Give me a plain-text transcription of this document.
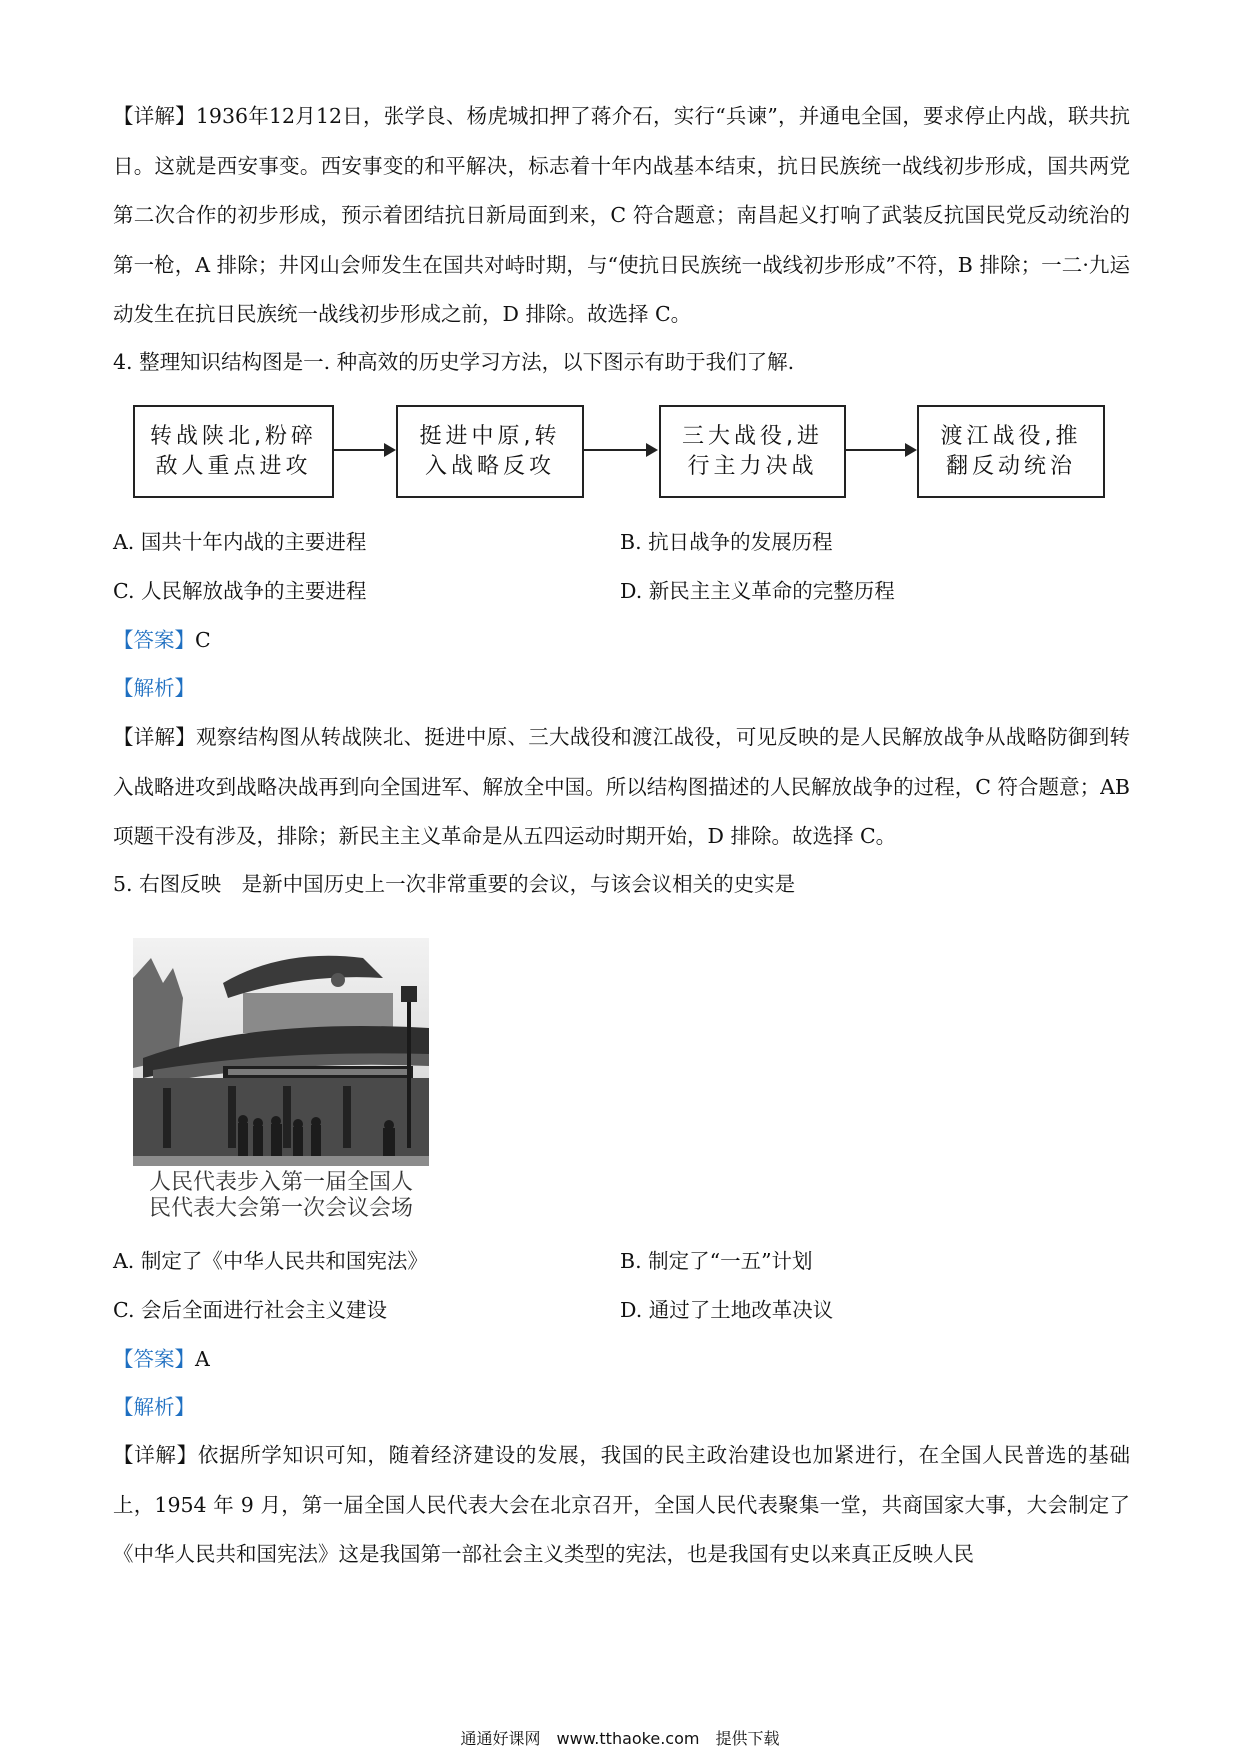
【详解】1936年12月12日，张学良、杨虎城扣押了蒋介石，实行“兵谏”，并通电全国，要求停止内战，联共抗日。这就是西安事变。西安事变的和平解决，标志着十年内战基本结束，抗日民族统一战线初步形成，国共两党第二次合作的初步形成，预示着团结抗日新局面到来，C 符合题意；南昌起义打响了武装反抗国民党反动统治的第一枪，A 排除；井冈山会师发生在国共对峙时期，与“使抗日民族统一战线初步形成”不符，B 排除；一二·九运动发生在抗日民族统一战线初步形成之前，D 排除。故选择 C。
4. 整理知识结构图是一. 种高效的历史学习方法，以下图示有助于我们了解.
转战陕北,粉碎
敌人重点进攻
挺进中原,转
入战略反攻
三大战役,进
行主力决战
渡江战役,推
翻反动统治
A. 国共十年内战的主要进程	B. 抗日战争的发展历程
C. 人民解放战争的主要进程	D. 新民主主义革命的完整历程
【答案】C
【解析】
【详解】观察结构图从转战陕北、挺进中原、三大战役和渡江战役，可见反映的是人民解放战争从战略防御到转入战略进攻到战略决战再到向全国进军、解放全中国。所以结构图描述的人民解放战争的过程，C 符合题意；AB 项题干没有涉及，排除；新民主主义革命是从五四运动时期开始，D 排除。故选择 C。
5. 右图反映　是新中国历史上一次非常重要的会议，与该会议相关的史实是
人民代表步入第一届全国人
民代表大会第一次会议会场
A. 制定了《中华人民共和国宪法》	B. 制定了“一五”计划
C. 会后全面进行社会主义建设	D. 通过了土地改革决议
【答案】A
【解析】
【详解】依据所学知识可知，随着经济建设的发展，我国的民主政治建设也加紧进行，在全国人民普选的基础上，1954 年 9 月，第一届全国人民代表大会在北京召开，全国人民代表聚集一堂，共商国家大事，大会制定了《中华人民共和国宪法》这是我国第一部社会主义类型的宪法，也是我国有史以来真正反映人民
通通好课网　www.tthaoke.com　提供下载
